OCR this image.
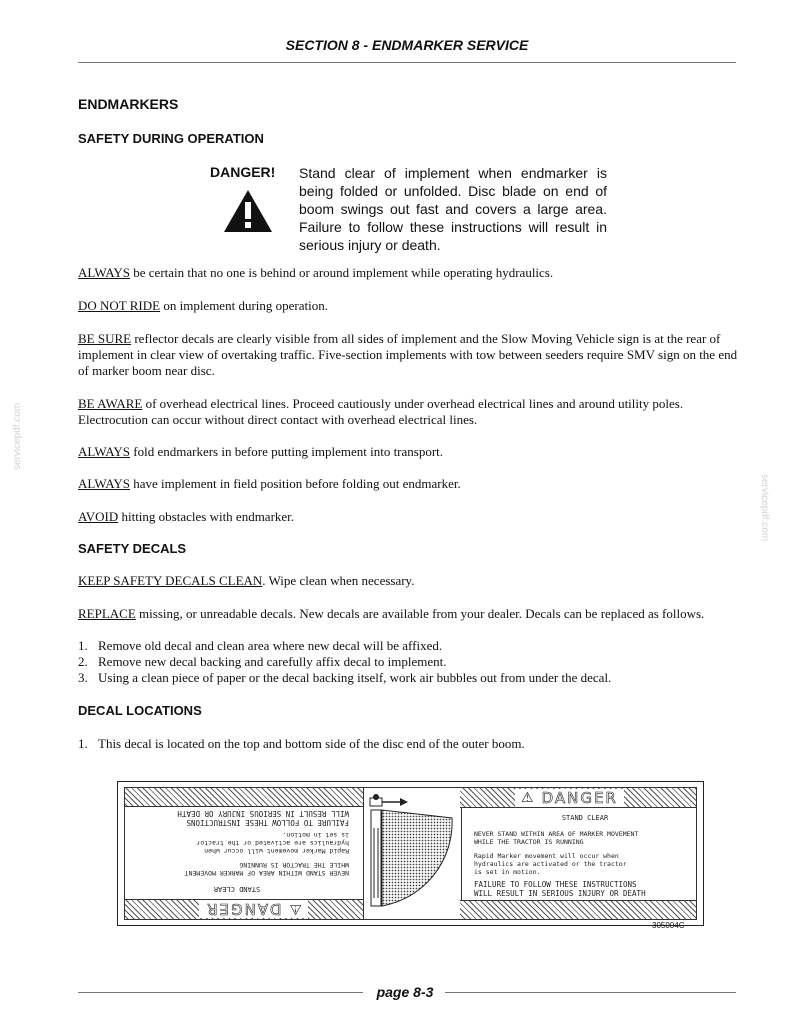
SECTION 8 - ENDMARKER SERVICE
ENDMARKERS
SAFETY DURING OPERATION
DANGER! Stand clear of implement when endmarker is being folded or unfolded. Disc blade on end of boom swings out fast and covers a large area. Failure to follow these instructions will result in serious injury or death.
ALWAYS be certain that no one is behind or around implement while operating hydraulics.
DO NOT RIDE on implement during operation.
BE SURE reflector decals are clearly visible from all sides of implement and the Slow Moving Vehicle sign is at the rear of implement in clear view of overtaking traffic. Five-section implements with tow between seeders require SMV sign on the end of marker boom near disc.
BE AWARE of overhead electrical lines. Proceed cautiously under overhead electrical lines and around utility poles. Electrocution can occur without direct contact with overhead electrical lines.
ALWAYS fold endmarkers in before putting implement into transport.
ALWAYS have implement in field position before folding out endmarker.
AVOID hitting obstacles with endmarker.
SAFETY DECALS
KEEP SAFETY DECALS CLEAN. Wipe clean when necessary.
REPLACE missing, or unreadable decals. New decals are available from your dealer. Decals can be replaced as follows.
1. Remove old decal and clean area where new decal will be affixed.
2. Remove new decal backing and carefully affix decal to implement.
3. Using a clean piece of paper or the decal backing itself, work air bubbles out from under the decal.
DECAL LOCATIONS
1. This decal is located on the top and bottom side of the disc end of the outer boom.
⚠
DANGER
STAND CLEAR
NEVER STAND WITHIN AREA OF MARKER MOVEMENT
WHILE THE TRACTOR IS RUNNING
Rapid Marker movement will occur when
hydraulics are activated or the tractor
is set in motion.
FAILURE TO FOLLOW THESE INSTRUCTIONS
WILL RESULT IN SERIOUS INJURY OR DEATH
⚠ DANGER
STAND CLEAR
NEVER STAND WITHIN AREA OF MARKER MOVEMENT
WHILE THE TRACTOR IS RUNNING
Rapid Marker movement will occur when
hydraulics are activated or the tractor
is set in motion.
FAILURE TO FOLLOW THESE INSTRUCTIONS
WILL RESULT IN SERIOUS INJURY OR DEATH
305004C
servicepdf.com
servicepdf.com
page 8-3
